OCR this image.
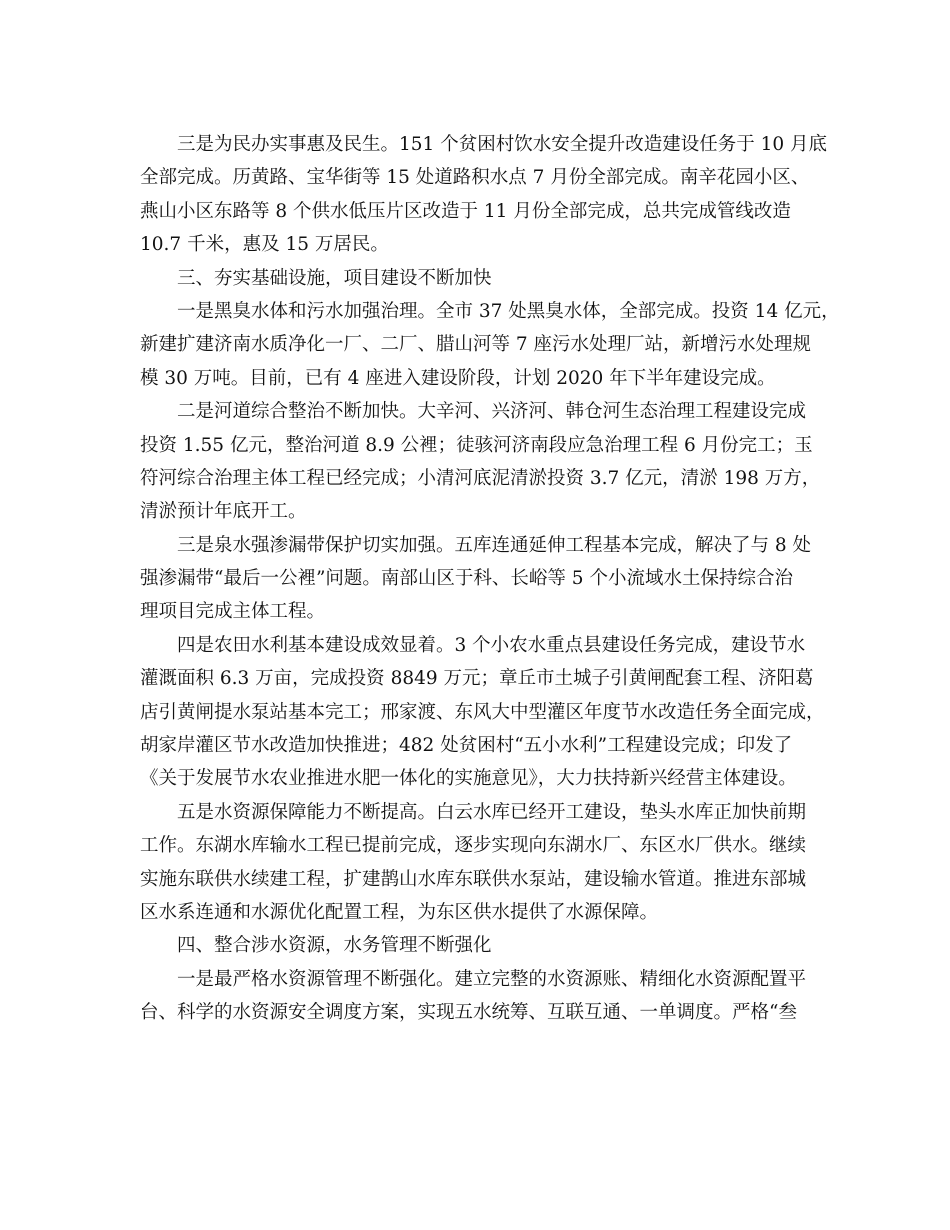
三是为民办实事惠及民生。151 个贫困村饮水安全提升改造建设任务于 10 月底
全部完成。历黄路、宝华街等 15 处道路积水点 7 月份全部完成。南辛花园小区、
燕山小区东路等 8 个供水低压片区改造于 11 月份全部完成，总共完成管线改造
10.7 千米，惠及 15 万居民。
三、夯实基础设施，项目建设不断加快
一是黑臭水体和污水加强治理。全市 37 处黑臭水体，全部完成。投资 14 亿元，
新建扩建济南水质净化一厂、二厂、腊山河等 7 座污水处理厂站，新增污水处理规
模 30 万吨。目前，已有 4 座进入建设阶段，计划 2020 年下半年建设完成。
二是河道综合整治不断加快。大辛河、兴济河、韩仓河生态治理工程建设完成
投资 1.55 亿元，整治河道 8.9 公裡；徒骇河济南段应急治理工程 6 月份完工；玉
符河综合治理主体工程已经完成；小清河底泥清淤投资 3.7 亿元，清淤 198 万方，
清淤预计年底开工。
三是泉水强渗漏带保护切实加强。五库连通延伸工程基本完成，解决了与 8 处
强渗漏带“最后一公裡”问题。南部山区于科、长峪等 5 个小流域水土保持综合治
理项目完成主体工程。
四是农田水利基本建设成效显着。3 个小农水重点县建设任务完成，建设节水
灌溉面积 6.3 万亩，完成投资 8849 万元；章丘市土城子引黄闸配套工程、济阳葛
店引黄闸提水泵站基本完工；邢家渡、东风大中型灌区年度节水改造任务全面完成，
胡家岸灌区节水改造加快推进；482 处贫困村“五小水利”工程建设完成；印发了
《关于发展节水农业推进水肥一体化的实施意见》，大力扶持新兴经营主体建设。
五是水资源保障能力不断提高。白云水库已经开工建设，垫头水库正加快前期
工作。东湖水库输水工程已提前完成，逐步实现向东湖水厂、东区水厂供水。继续
实施东联供水续建工程，扩建鹊山水库东联供水泵站，建设输水管道。推进东部城
区水系连通和水源优化配置工程，为东区供水提供了水源保障。
四、整合涉水资源，水务管理不断强化
一是最严格水资源管理不断强化。建立完整的水资源账、精细化水资源配置平
台、科学的水资源安全调度方案，实现五水统筹、互联互通、一单调度。严格“叁
